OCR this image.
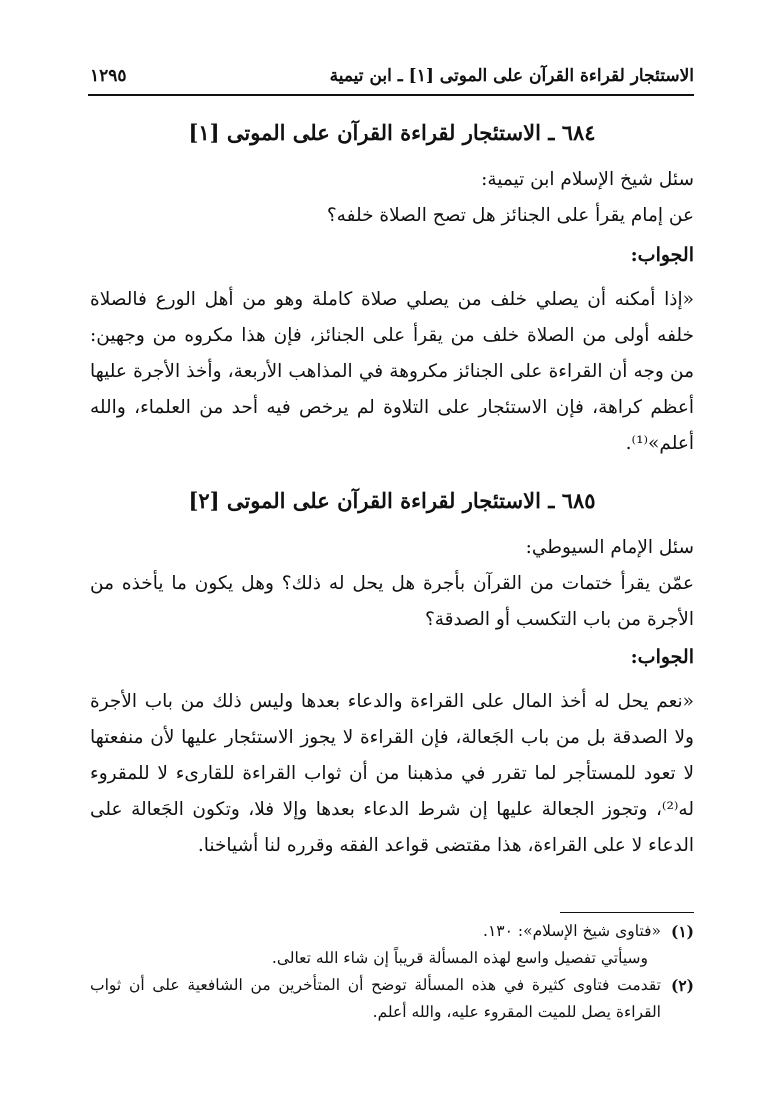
الاستئجار لقراءة القرآن على الموتى [١] ـ ابن تيمية
١٢٩٥
٦٨٤ ـ الاستئجار لقراءة القرآن على الموتى [١]

سئل شيخ الإسلام ابن تيمية:

عن إمام يقرأ على الجنائز هل تصح الصلاة خلفه؟

الجواب:
«إذا أمكنه أن يصلي خلف من يصلي صلاة كاملة وهو من أهل الورع فالصلاة خلفه أولى من الصلاة خلف من يقرأ على الجنائز، فإن هذا مكروه من وجهين: من وجه أن القراءة على الجنائز مكروهة في المذاهب الأربعة، وأخذ الأجرة عليها أعظم كراهة، فإن الاستئجار على التلاوة لم يرخص فيه أحد من العلماء، والله أعلم»⁽¹⁾.
٦٨٥ ـ الاستئجار لقراءة القرآن على الموتى [٢]

سئل الإمام السيوطي:

عمّن يقرأ ختمات من القرآن بأجرة هل يحل له ذلك؟ وهل يكون ما يأخذه من الأجرة من باب التكسب أو الصدقة؟

الجواب:
«نعم يحل له أخذ المال على القراءة والدعاء بعدها وليس ذلك من باب الأجرة ولا الصدقة بل من باب الجَعالة، فإن القراءة لا يجوز الاستئجار عليها لأن منفعتها لا تعود للمستأجر لما تقرر في مذهبنا من أن ثواب القراءة للقارىء لا للمقروء له⁽²⁾، وتجوز الجعالة عليها إن شرط الدعاء بعدها وإلا فلا، وتكون الجَعالة على الدعاء لا على القراءة، هذا مقتضى قواعد الفقه وقرره لنا أشياخنا.
(١)
«فتاوى شيخ الإسلام»: ١٣٠.
وسيأتي تفصيل واسع لهذه المسألة قريباً إن شاء الله تعالى.
(٢)
تقدمت فتاوى كثيرة في هذه المسألة توضح أن المتأخرين من الشافعية على أن ثواب القراءة يصل للميت المقروء عليه، والله أعلم.
